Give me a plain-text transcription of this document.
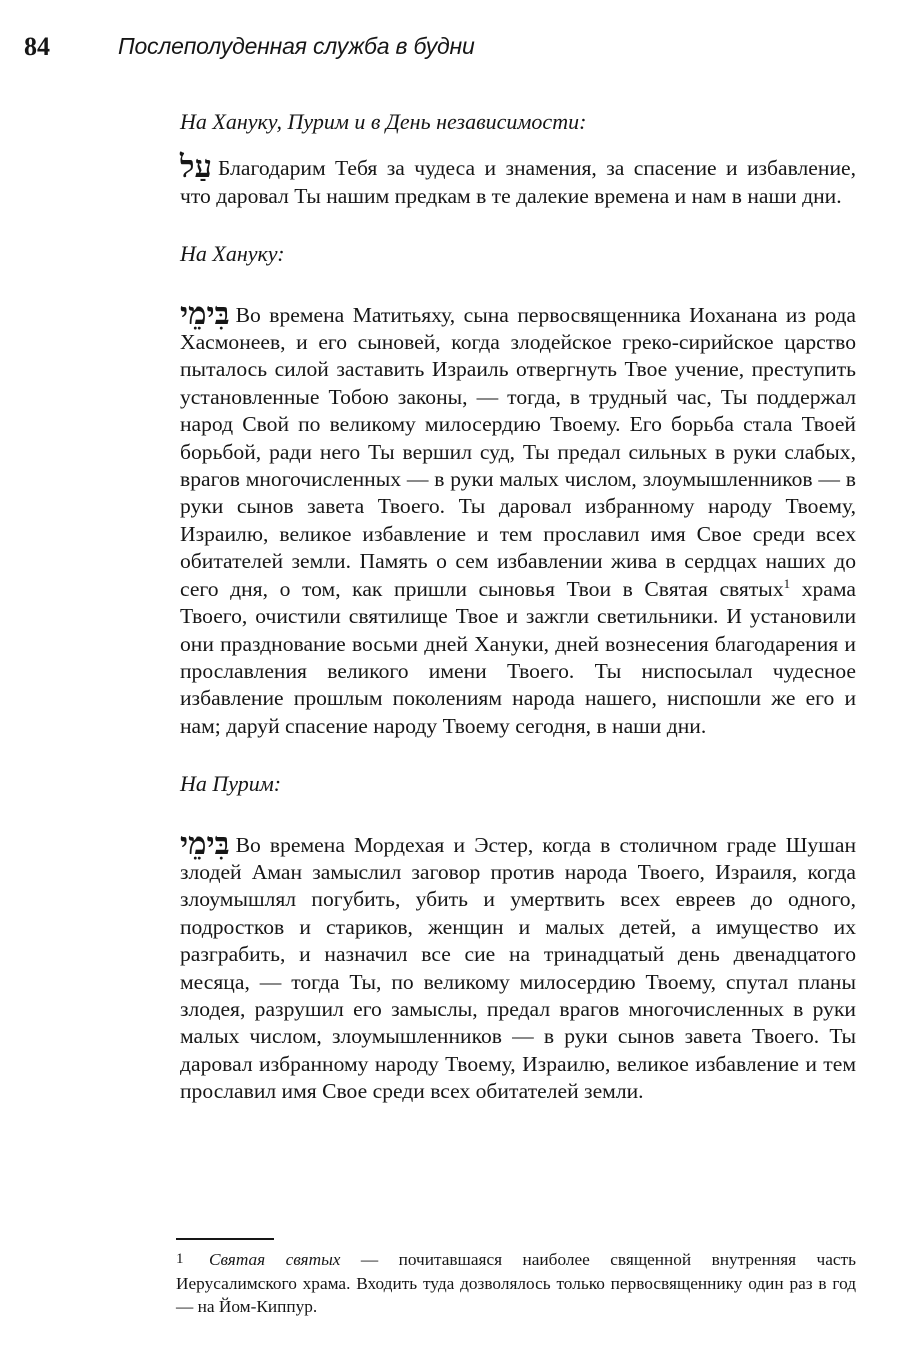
84	Послеполуденная служба в будни

На Хануку, Пурим и в День независимости:

עַל Благодарим Тебя за чудеса и знамения, за спасение и избавление, что даровал Ты нашим предкам в те далекие времена и нам в наши дни.

На Хануку:

בִּימֵי Во времена Матитьяху, сына первосвященника Иоханана из рода Хасмонеев, и его сыновей, когда злодейское греко-сирийское царство пыталось силой заставить Израиль отвергнуть Твое учение, преступить установленные Тобою законы, — тогда, в трудный час, Ты поддержал народ Свой по великому милосердию Твоему. Его борьба стала Твоей борьбой, ради него Ты вершил суд, Ты предал сильных в руки слабых, врагов многочисленных — в руки малых числом, злоумышленников — в руки сынов завета Твоего. Ты даровал избранному народу Твоему, Израилю, великое избавление и тем прославил имя Свое среди всех обитателей земли. Память о сем избавлении жива в сердцах наших до сего дня, о том, как пришли сыновья Твои в Святая святых$^1$ храма Твоего, очистили святилище Твое и зажгли светильники. И установили они празднование восьми дней Хануки, дней вознесения благодарения и прославления великого имени Твоего. Ты ниспосылал чудесное избавление прошлым поколениям народа нашего, ниспошли же его и нам; даруй спасение народу Твоему сегодня, в наши дни.

На Пурим:

בִּימֵי Во времена Мордехая и Эстер, когда в столичном граде Шушан злодей Аман замыслил заговор против народа Твоего, Израиля, когда злоумышлял погубить, убить и умертвить всех евреев до одного, подростков и стариков, женщин и малых детей, а имущество их разграбить, и назначил все сие на тринадцатый день двенадцатого месяца, — тогда Ты, по великому милосердию Твоему, спутал планы злодея, разрушил его замыслы, предал врагов многочисленных в руки малых числом, злоумышленников — в руки сынов завета Твоего. Ты даровал избранному народу Твоему, Израилю, великое избавление и тем прославил имя Свое среди всех обитателей земли.

1 Святая святых — почитавшаяся наиболее священной внутренняя часть Иерусалимского храма. Входить туда дозволялось только первосвященнику один раз в год — на Йом-Киппур.
